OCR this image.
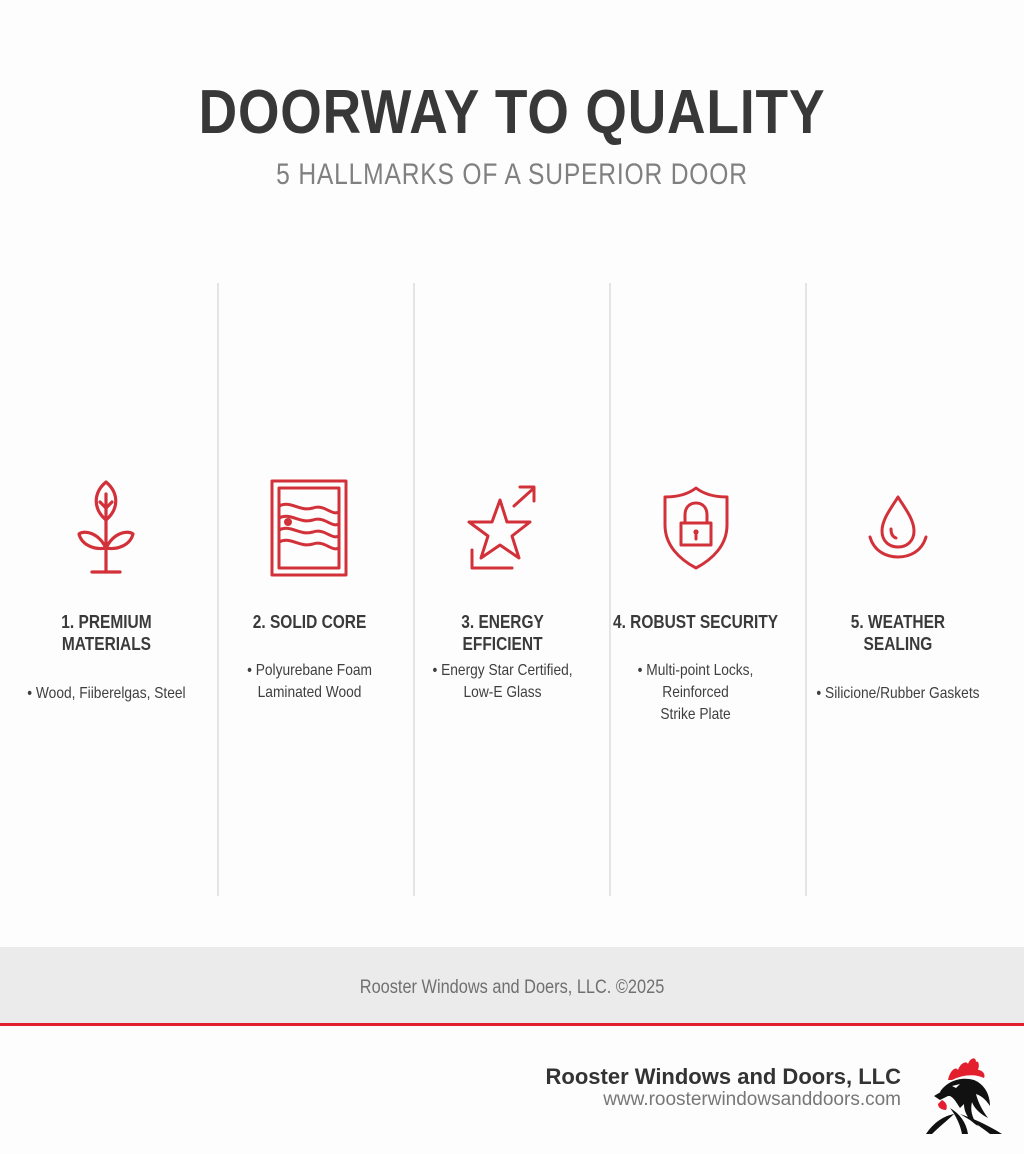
DOORWAY TO QUALITY
5 HALLMARKS OF A SUPERIOR DOOR
1. PREMIUM
MATERIALS
• Wood, Fiiberelgas, Steel
2. SOLID CORE
• Polyurebane Foam
Laminated Wood
3. ENERGY EFFICIENT
• Energy Star Certified,
Low-E Glass
4. ROBUST SECURITY
• Multi-point Locks,
Reinforced
Strike Plate
5. WEATHER
SEALING
• Silicione/Rubber Gaskets
Rooster Windows and Doers, LLC. ©2025
Rooster Windows and Doors, LLC
www.roosterwindowsanddoors.com
